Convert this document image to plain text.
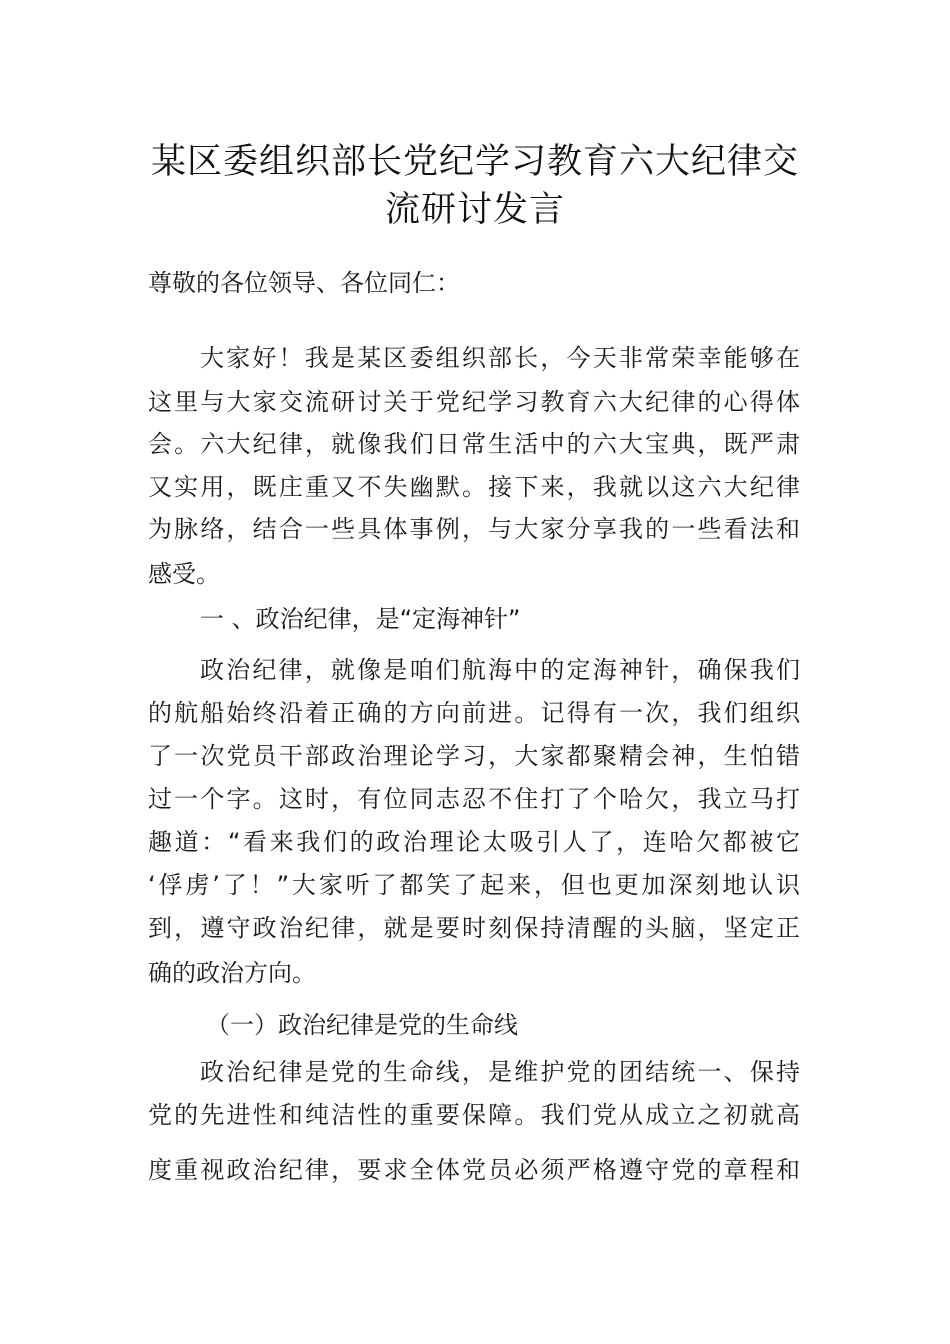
某区委组织部长党纪学习教育六大纪律交
流研讨发言

尊敬的各位领导、各位同仁：

大家好！我是某区委组织部长，今天非常荣幸能够在

这里与大家交流研讨关于党纪学习教育六大纪律的心得体

会。六大纪律，就像我们日常生活中的六大宝典，既严肃

又实用，既庄重又不失幽默。接下来，我就以这六大纪律

为脉络，结合一些具体事例，与大家分享我的一些看法和

感受。

一 、政治纪律，是“定海神针”

政治纪律，就像是咱们航海中的定海神针，确保我们

的航船始终沿着正确的方向前进。记得有一次，我们组织

了一次党员干部政治理论学习，大家都聚精会神，生怕错

过一个字。这时，有位同志忍不住打了个哈欠，我立马打

趣道：“看来我们的政治理论太吸引人了，连哈欠都被它

‘俘虏’了！”大家听了都笑了起来，但也更加深刻地认识

到，遵守政治纪律，就是要时刻保持清醒的头脑，坚定正

确的政治方向。

（一）政治纪律是党的生命线

政治纪律是党的生命线，是维护党的团结统一、保持

党的先进性和纯洁性的重要保障。我们党从成立之初就高

度重视政治纪律，要求全体党员必须严格遵守党的章程和
